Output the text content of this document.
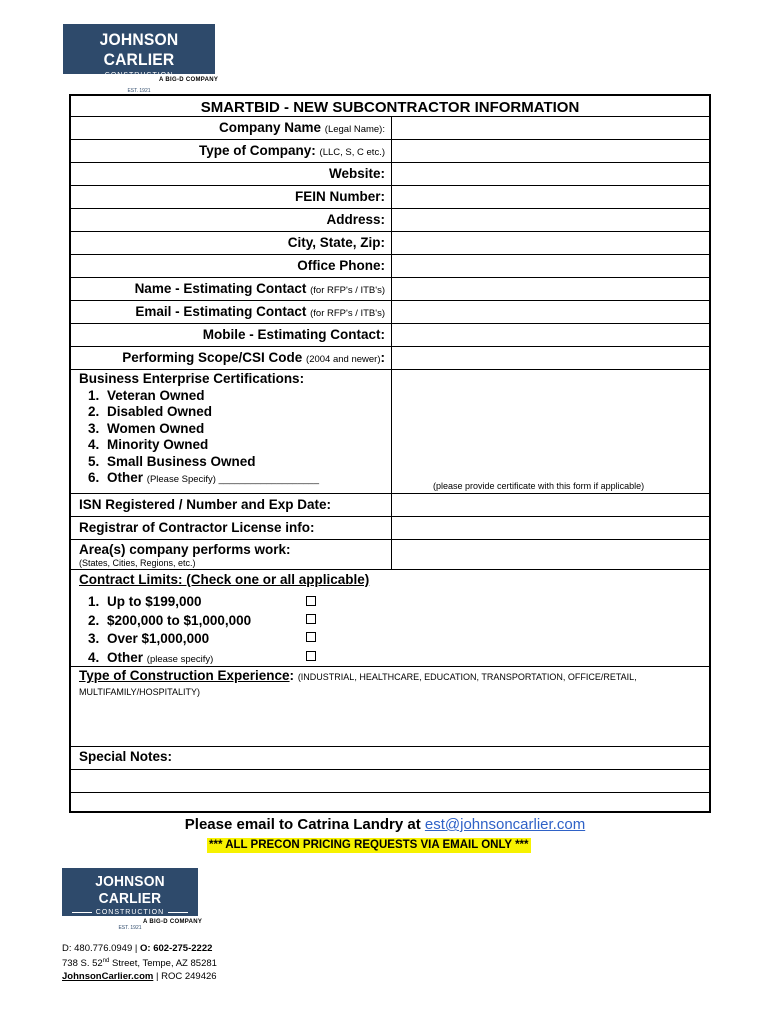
JOHNSON CARLIER
CONSTRUCTION
EST. 1921
A BIG-D COMPANY
SMARTBID - NEW SUBCONTRACTOR INFORMATION
Company Name (Legal Name):
Type of Company: (LLC, S, C etc.)
Website:
FEIN Number:
Address:
City, State, Zip:
Office Phone:
Name - Estimating Contact (for RFP's / ITB's)
Email - Estimating Contact (for RFP's / ITB's)
Mobile - Estimating Contact:
Performing Scope/CSI Code (2004 and newer):
Business Enterprise Certifications:
1. Veteran Owned
2. Disabled Owned
3. Women Owned
4. Minority Owned
5. Small Business Owned
6. Other (Please Specify) ___________________
(please provide certificate with this form if applicable)
ISN Registered / Number and Exp Date:
Registrar of Contractor License info:
Area(s) company performs work:
(States, Cities, Regions, etc.)
Contract Limits: (Check one or all applicable)
1. Up to $199,000
2. $200,000 to $1,000,000
3. Over $1,000,000
4. Other (please specify)
Type of Construction Experience: (INDUSTRIAL, HEALTHCARE, EDUCATION, TRANSPORTATION, OFFICE/RETAIL,
MULTIFAMILY/HOSPITALITY)
Special Notes:
Please email to Catrina Landry at est@johnsoncarlier.com
*** ALL PRECON PRICING REQUESTS VIA EMAIL ONLY ***
JOHNSON CARLIER
CONSTRUCTION
EST. 1921
A BIG-D COMPANY
D: 480.776.0949 | O: 602-275-2222
738 S. 52nd Street, Tempe, AZ 85281
JohnsonCarlier.com | ROC 249426
